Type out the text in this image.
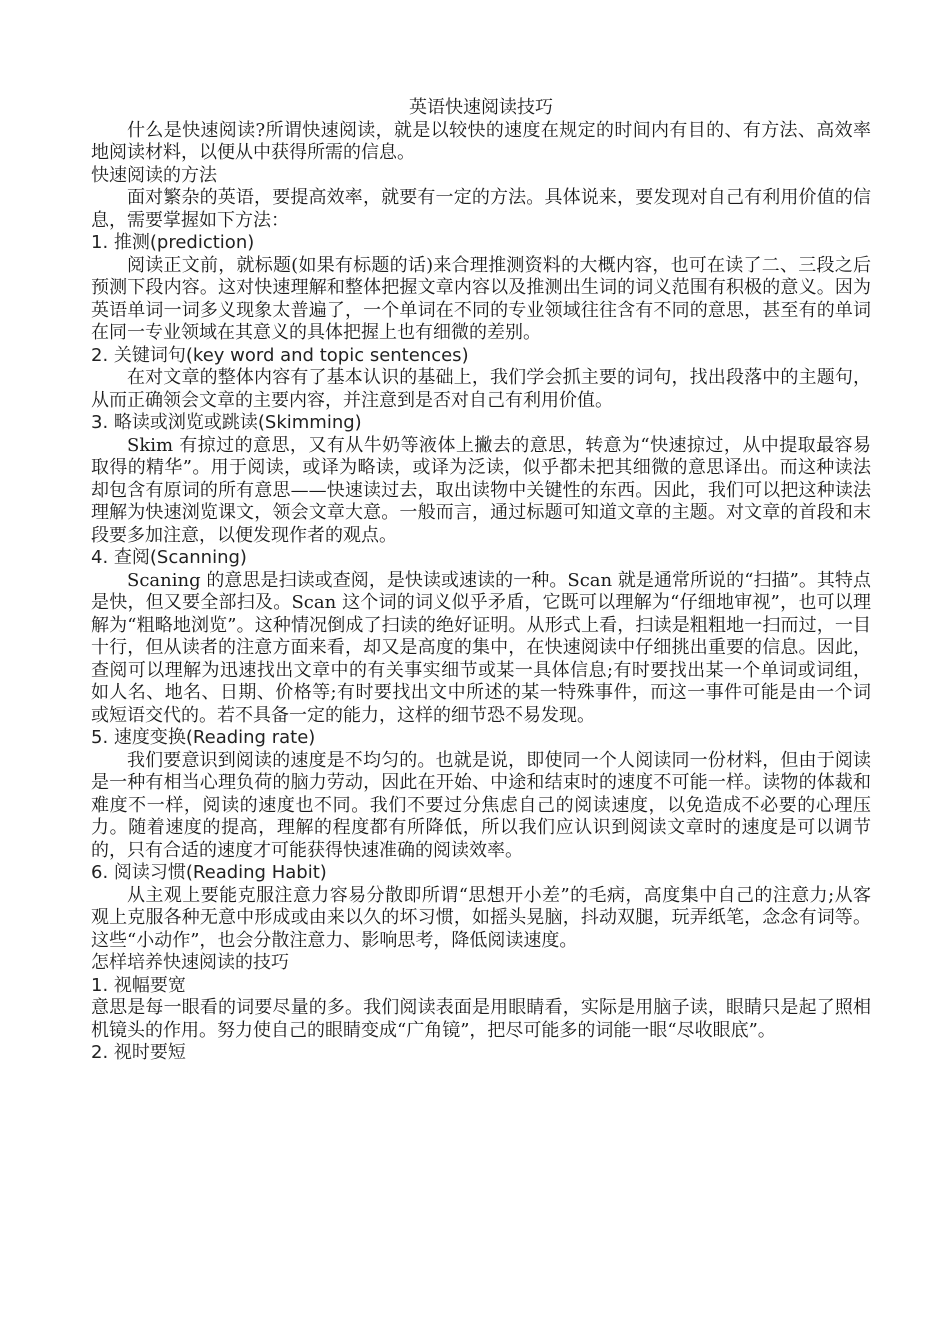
英语快速阅读技巧

什么是快速阅读?所谓快速阅读，就是以较快的速度在规定的时间内有目的、有方法、高效率地阅读材料，以便从中获得所需的信息。

快速阅读的方法

面对繁杂的英语，要提高效率，就要有一定的方法。具体说来，要发现对自己有利用价值的信息，需要掌握如下方法：

1. 推测(prediction)

阅读正文前，就标题(如果有标题的话)来合理推测资料的大概内容，也可在读了二、三段之后预测下段内容。这对快速理解和整体把握文章内容以及推测出生词的词义范围有积极的意义。因为英语单词一词多义现象太普遍了，一个单词在不同的专业领域往往含有不同的意思，甚至有的单词在同一专业领域在其意义的具体把握上也有细微的差别。

2. 关键词句(key word and topic sentences)

在对文章的整体内容有了基本认识的基础上，我们学会抓主要的词句，找出段落中的主题句，从而正确领会文章的主要内容，并注意到是否对自己有利用价值。

3. 略读或浏览或跳读(Skimming)

Skim 有掠过的意思，又有从牛奶等液体上撇去的意思，转意为“快速掠过，从中提取最容易取得的精华”。用于阅读，或译为略读，或译为泛读，似乎都未把其细微的意思译出。而这种读法却包含有原词的所有意思——快速读过去，取出读物中关键性的东西。因此，我们可以把这种读法理解为快速浏览课文，领会文章大意。一般而言，通过标题可知道文章的主题。对文章的首段和末段要多加注意，以便发现作者的观点。

4. 查阅(Scanning)

Scaning 的意思是扫读或查阅，是快读或速读的一种。Scan 就是通常所说的“扫描”。其特点是快，但又要全部扫及。Scan 这个词的词义似乎矛盾，它既可以理解为“仔细地审视”，也可以理解为“粗略地浏览”。这种情况倒成了扫读的绝好证明。从形式上看，扫读是粗粗地一扫而过，一目十行，但从读者的注意方面来看，却又是高度的集中，在快速阅读中仔细挑出重要的信息。因此，查阅可以理解为迅速找出文章中的有关事实细节或某一具体信息;有时要找出某一个单词或词组，如人名、地名、日期、价格等;有时要找出文中所述的某一特殊事件，而这一事件可能是由一个词或短语交代的。若不具备一定的能力，这样的细节恐不易发现。

5. 速度变换(Reading rate)

我们要意识到阅读的速度是不均匀的。也就是说，即使同一个人阅读同一份材料，但由于阅读是一种有相当心理负荷的脑力劳动，因此在开始、中途和结束时的速度不可能一样。读物的体裁和难度不一样，阅读的速度也不同。我们不要过分焦虑自己的阅读速度，以免造成不必要的心理压力。随着速度的提高，理解的程度都有所降低，所以我们应认识到阅读文章时的速度是可以调节的，只有合适的速度才可能获得快速准确的阅读效率。

6. 阅读习惯(Reading Habit)

从主观上要能克服注意力容易分散即所谓“思想开小差”的毛病，高度集中自己的注意力;从客观上克服各种无意中形成或由来以久的坏习惯，如摇头晃脑，抖动双腿，玩弄纸笔，念念有词等。这些“小动作”，也会分散注意力、影响思考，降低阅读速度。

怎样培养快速阅读的技巧

1. 视幅要宽

意思是每一眼看的词要尽量的多。我们阅读表面是用眼睛看，实际是用脑子读，眼睛只是起了照相机镜头的作用。努力使自己的眼睛变成“广角镜”，把尽可能多的词能一眼“尽收眼底”。

2. 视时要短
